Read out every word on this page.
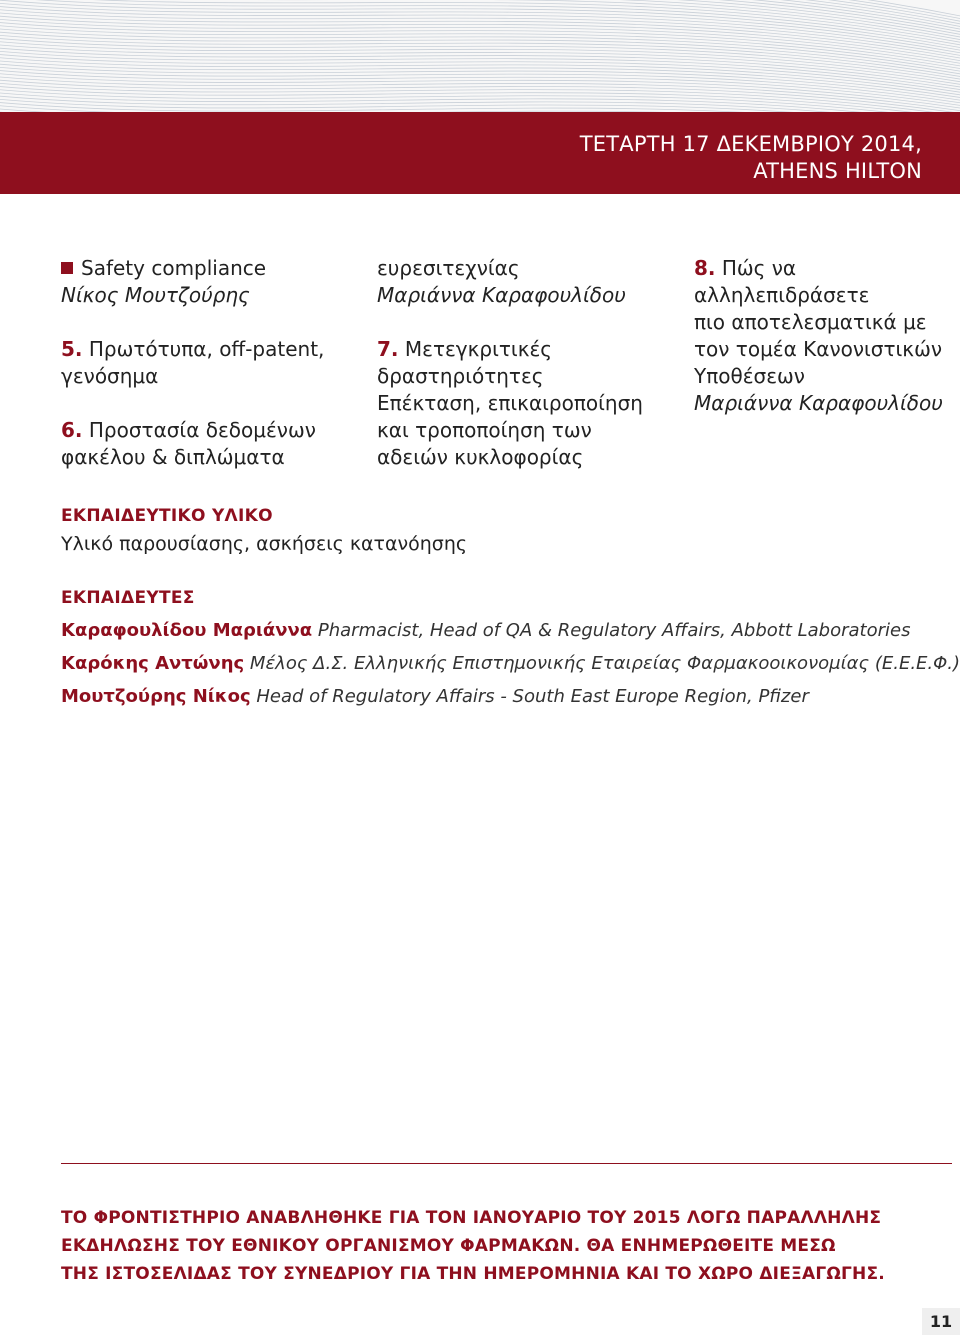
ΤΕΤΑΡΤΗ 17 ΔΕΚΕΜΒΡΙΟΥ 2014,
ATHENS HILTON

Safety compliance

Νίκος Μουτζούρης

5. Πρωτότυπα, off-patent,

γενόσημα

6. Προστασία δεδομένων

φακέλου & διπλώματα

ευρεσιτεχνίας

Μαριάννα Καραφουλίδου

7. Μετεγκριτικές

δραστηριότητες

Επέκταση, επικαιροποίηση

και τροποποίηση των

αδειών κυκλοφορίας

8. Πώς να αλληλεπιδράσετε

πιο αποτελεσματικά με

τον τομέα Κανονιστικών

Υποθέσεων

Μαριάννα Καραφουλίδου

ΕΚΠΑΙΔΕΥΤΙΚΟ ΥΛΙΚΟ
Υλικό παρουσίασης, ασκήσεις κατανόησης
ΕΚΠΑΙΔΕΥΤΕΣ
Καραφουλίδου Μαριάννα Pharmacist, Head of QA & Regulatory Affairs, Abbott Laboratories
Καρόκης Αντώνης Μέλος Δ.Σ. Ελληνικής Επιστημονικής Εταιρείας Φαρμακοοικονομίας (Ε.Ε.Ε.Φ.)
Μουτζούρης Νίκος Head of Regulatory Affairs - South East Europe Region, Pfizer
ΤΟ ΦΡΟΝΤΙΣΤΗΡΙΟ ΑΝΑΒΛΗΘΗΚΕ ΓΙΑ ΤΟΝ ΙΑΝΟΥΑΡΙΟ ΤΟΥ 2015 ΛΟΓΩ ΠΑΡΑΛΛΗΛΗΣ
ΕΚΔΗΛΩΣΗΣ ΤΟΥ ΕΘΝΙΚΟΥ ΟΡΓΑΝΙΣΜΟΥ ΦΑΡΜΑΚΩΝ. ΘΑ ΕΝΗΜΕΡΩΘΕΙΤΕ ΜΕΣΩ
ΤΗΣ ΙΣΤΟΣΕΛΙΔΑΣ ΤΟΥ ΣΥΝΕΔΡΙΟΥ ΓΙΑ ΤΗΝ ΗΜΕΡΟΜΗΝΙΑ ΚΑΙ ΤΟ ΧΩΡΟ ΔΙΕΞΑΓΩΓΗΣ.
11
